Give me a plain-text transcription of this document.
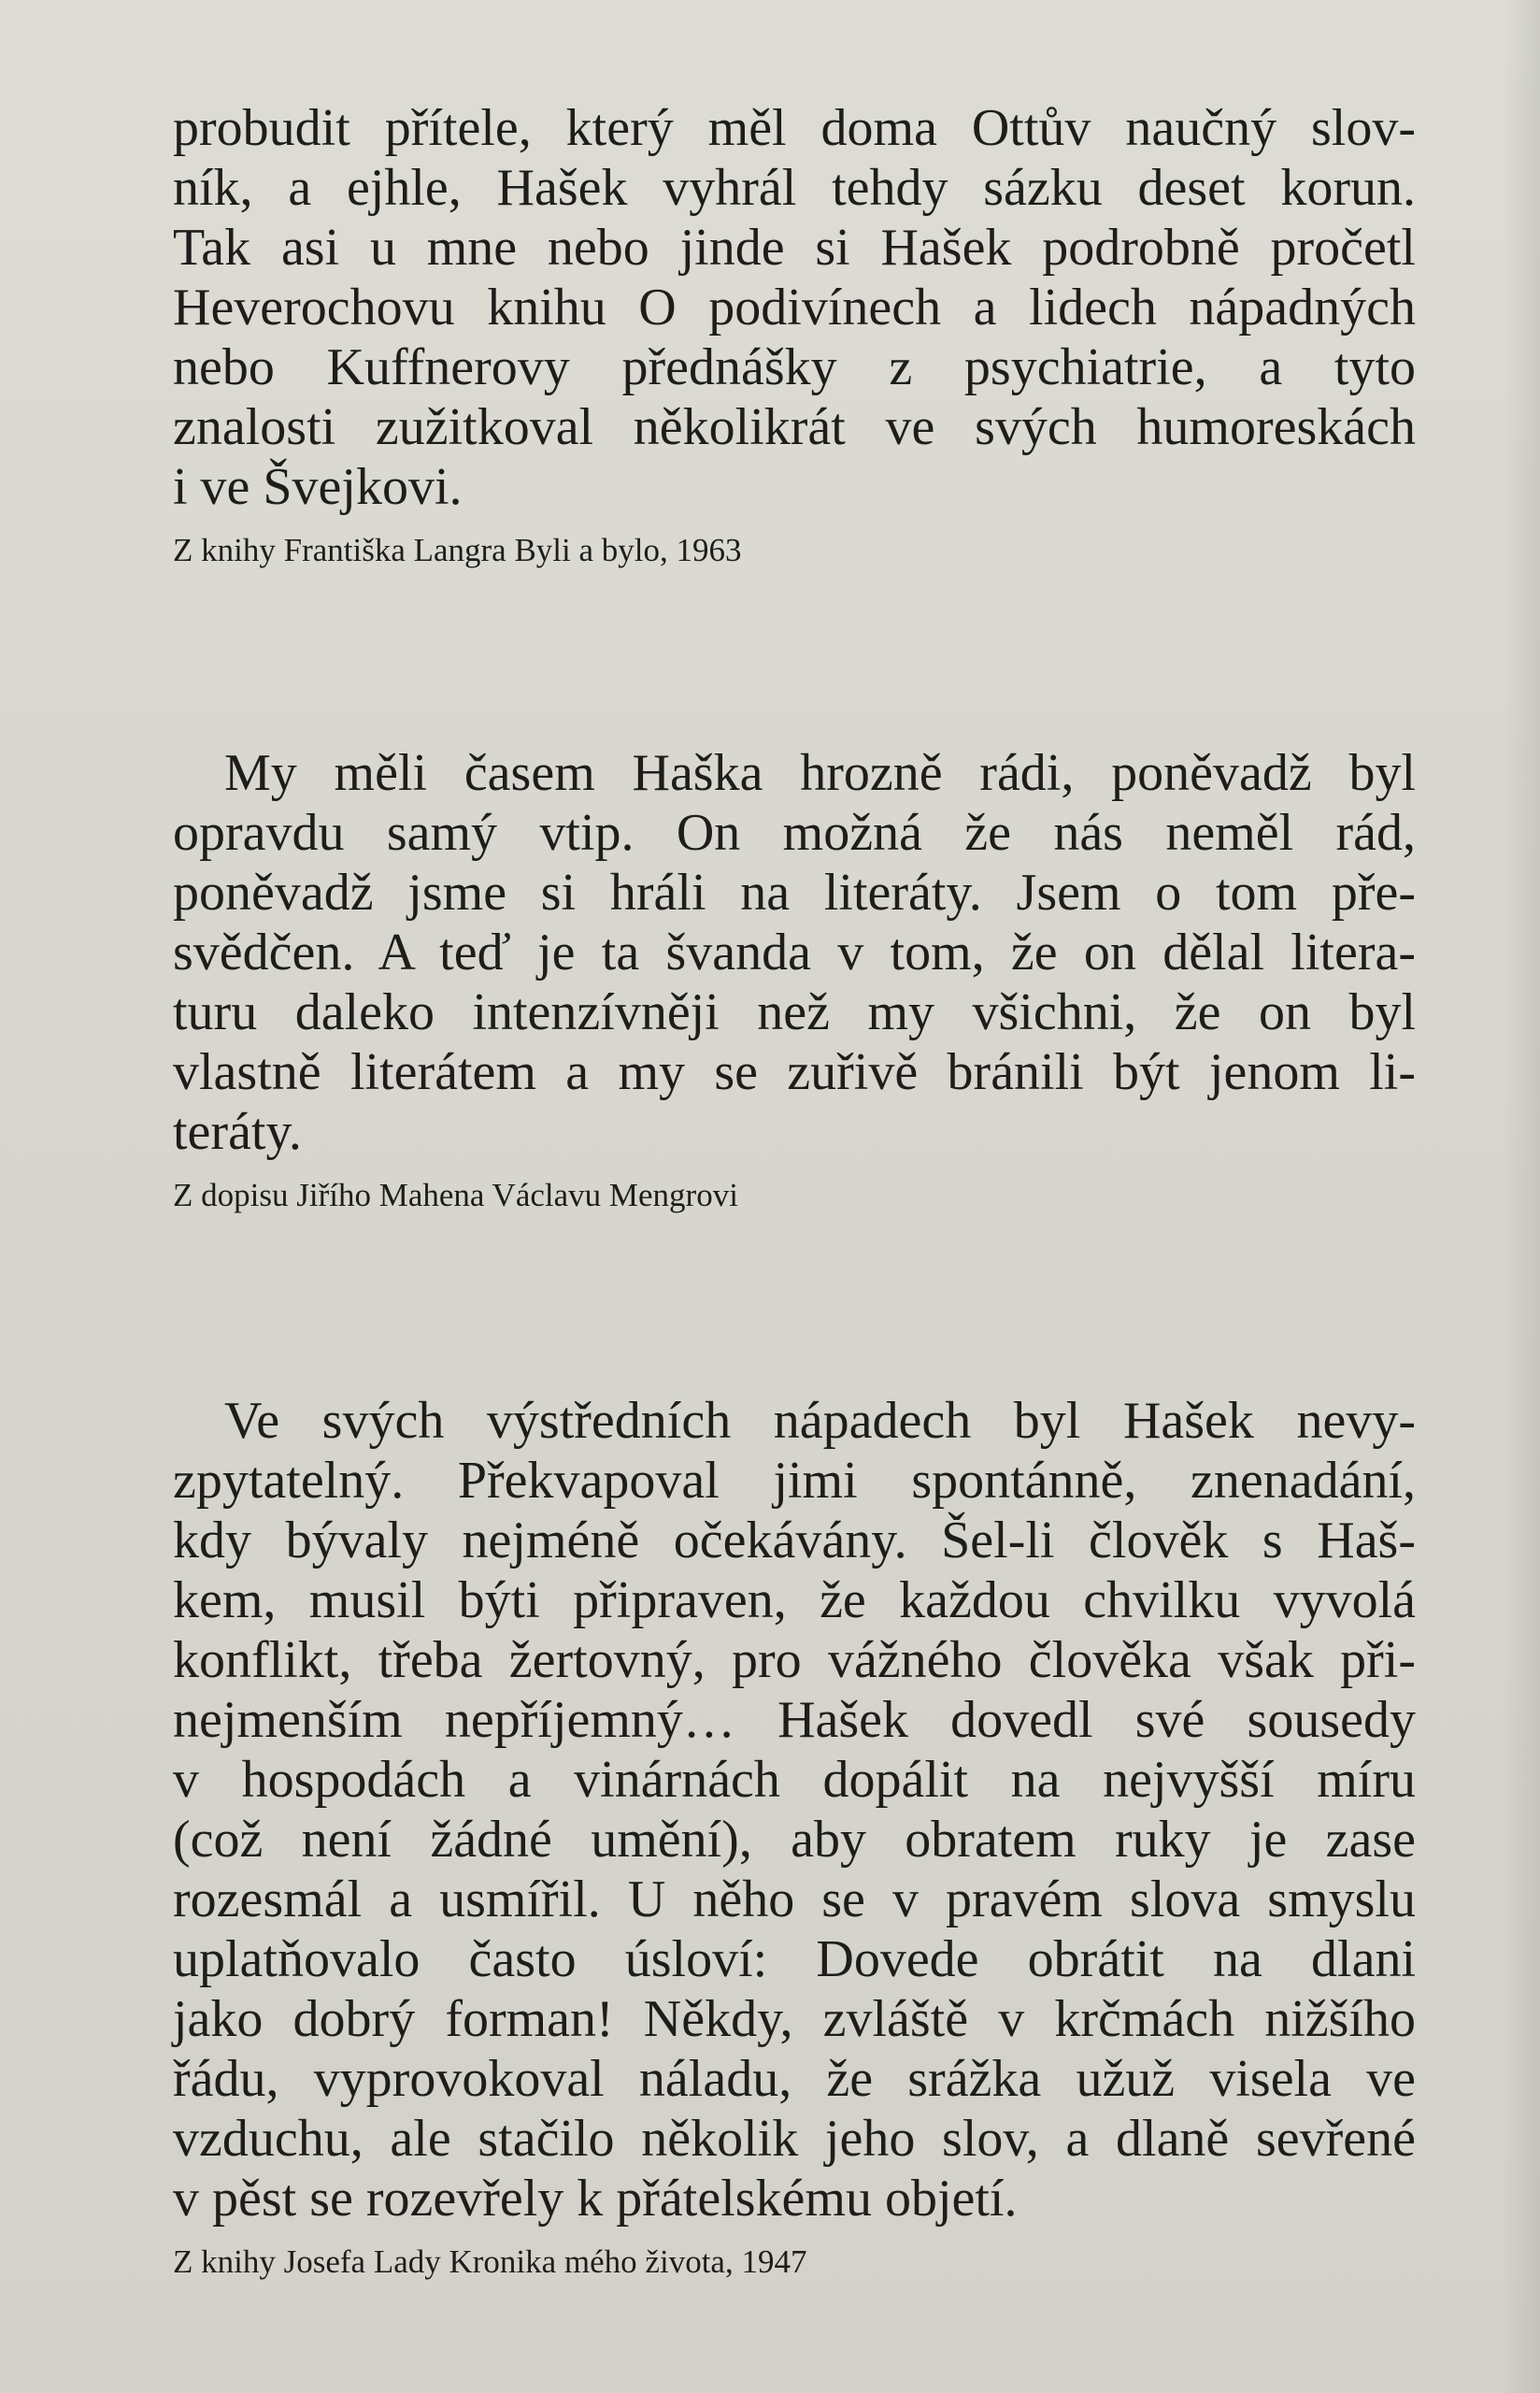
probudit přítele, který měl doma Ottův naučný slov-
ník, a ejhle, Hašek vyhrál tehdy sázku deset korun.
Tak asi u mne nebo jinde si Hašek podrobně pročetl
Heverochovu knihu O podivínech a lidech nápadných
nebo Kuffnerovy přednášky z psychiatrie, a tyto
znalosti zužitkoval několikrát ve svých humoreskách
i ve Švejkovi.
Z knihy Františka Langra Byli a bylo, 1963
My měli časem Haška hrozně rádi, poněvadž byl
opravdu samý vtip. On možná že nás neměl rád,
poněvadž jsme si hráli na literáty. Jsem o tom pře-
svědčen. A teď je ta švanda v tom, že on dělal litera-
turu daleko intenzívněji než my všichni, že on byl
vlastně literátem a my se zuřivě bránili být jenom li-
teráty.
Z dopisu Jiřího Mahena Václavu Mengrovi
Ve svých výstředních nápadech byl Hašek nevy-
zpytatelný. Překvapoval jimi spontánně, znenadání,
kdy bývaly nejméně očekávány. Šel-li člověk s Haš-
kem, musil býti připraven, že každou chvilku vyvolá
konflikt, třeba žertovný, pro vážného člověka však při-
nejmenším nepříjemný… Hašek dovedl své sousedy
v hospodách a vinárnách dopálit na nejvyšší míru
(což není žádné umění), aby obratem ruky je zase
rozesmál a usmířil. U něho se v pravém slova smyslu
uplatňovalo často úsloví: Dovede obrátit na dlani
jako dobrý forman! Někdy, zvláště v krčmách nižšího
řádu, vyprovokoval náladu, že srážka užuž visela ve
vzduchu, ale stačilo několik jeho slov, a dlaně sevřené
v pěst se rozevřely k přátelskému objetí.
Z knihy Josefa Lady Kronika mého života, 1947
